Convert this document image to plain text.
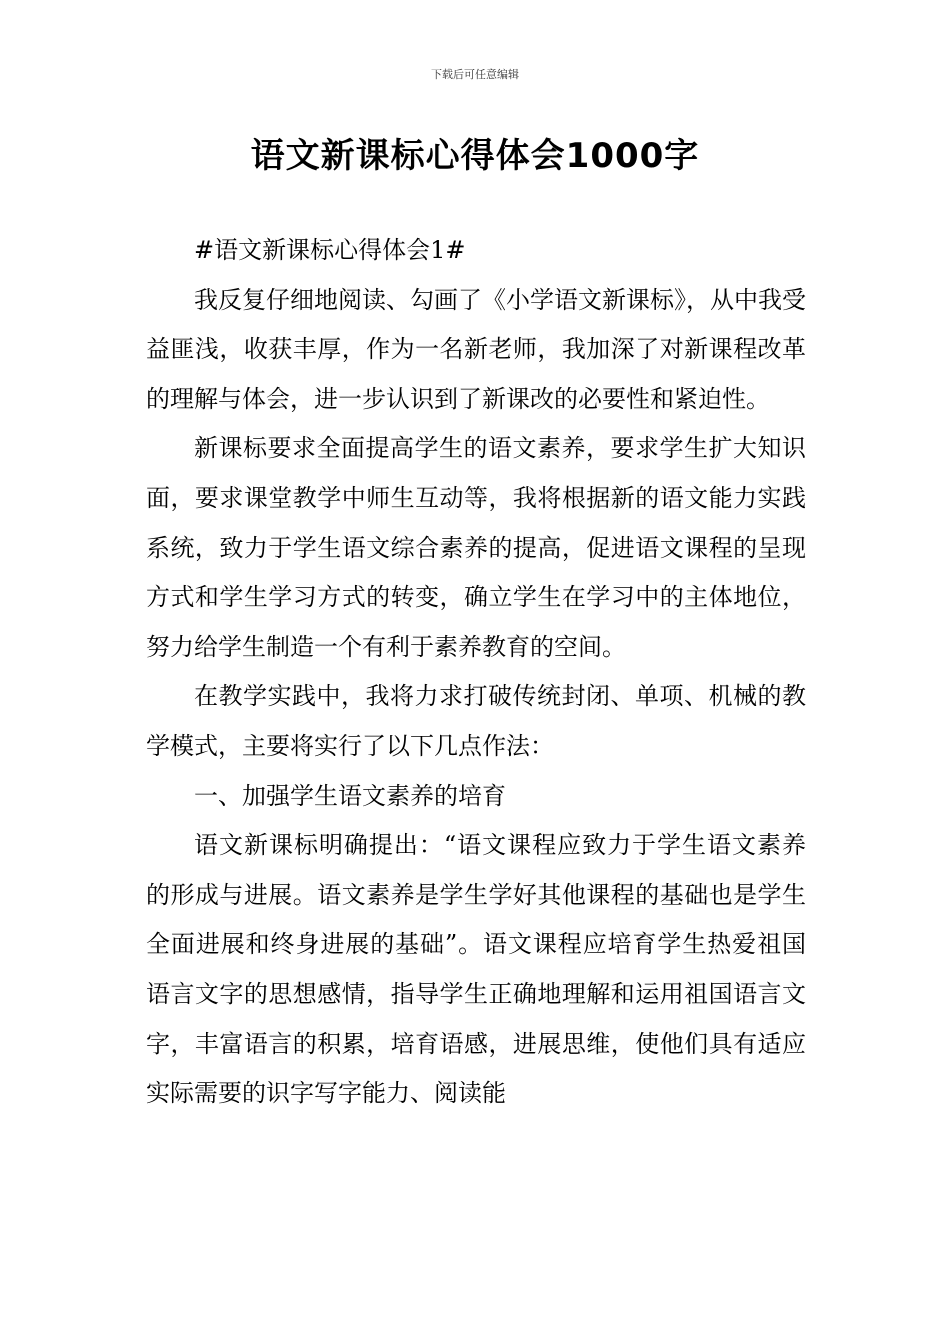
下载后可任意编辑
语文新课标心得体会1000字

#语文新课标心得体会1#

我反复仔细地阅读、勾画了《小学语文新课标》，从中我受益匪浅，收获丰厚，作为一名新老师，我加深了对新课程改革的理解与体会，进一步认识到了新课改的必要性和紧迫性。

新课标要求全面提高学生的语文素养，要求学生扩大知识面，要求课堂教学中师生互动等，我将根据新的语文能力实践系统，致力于学生语文综合素养的提高，促进语文课程的呈现方式和学生学习方式的转变，确立学生在学习中的主体地位，努力给学生制造一个有利于素养教育的空间。

在教学实践中，我将力求打破传统封闭、单项、机械的教学模式，主要将实行了以下几点作法：

一、加强学生语文素养的培育

语文新课标明确提出：“语文课程应致力于学生语文素养的形成与进展。语文素养是学生学好其他课程的基础也是学生全面进展和终身进展的基础”。语文课程应培育学生热爱祖国语言文字的思想感情，指导学生正确地理解和运用祖国语言文字，丰富语言的积累，培育语感，进展思维，使他们具有适应实际需要的识字写字能力、阅读能
